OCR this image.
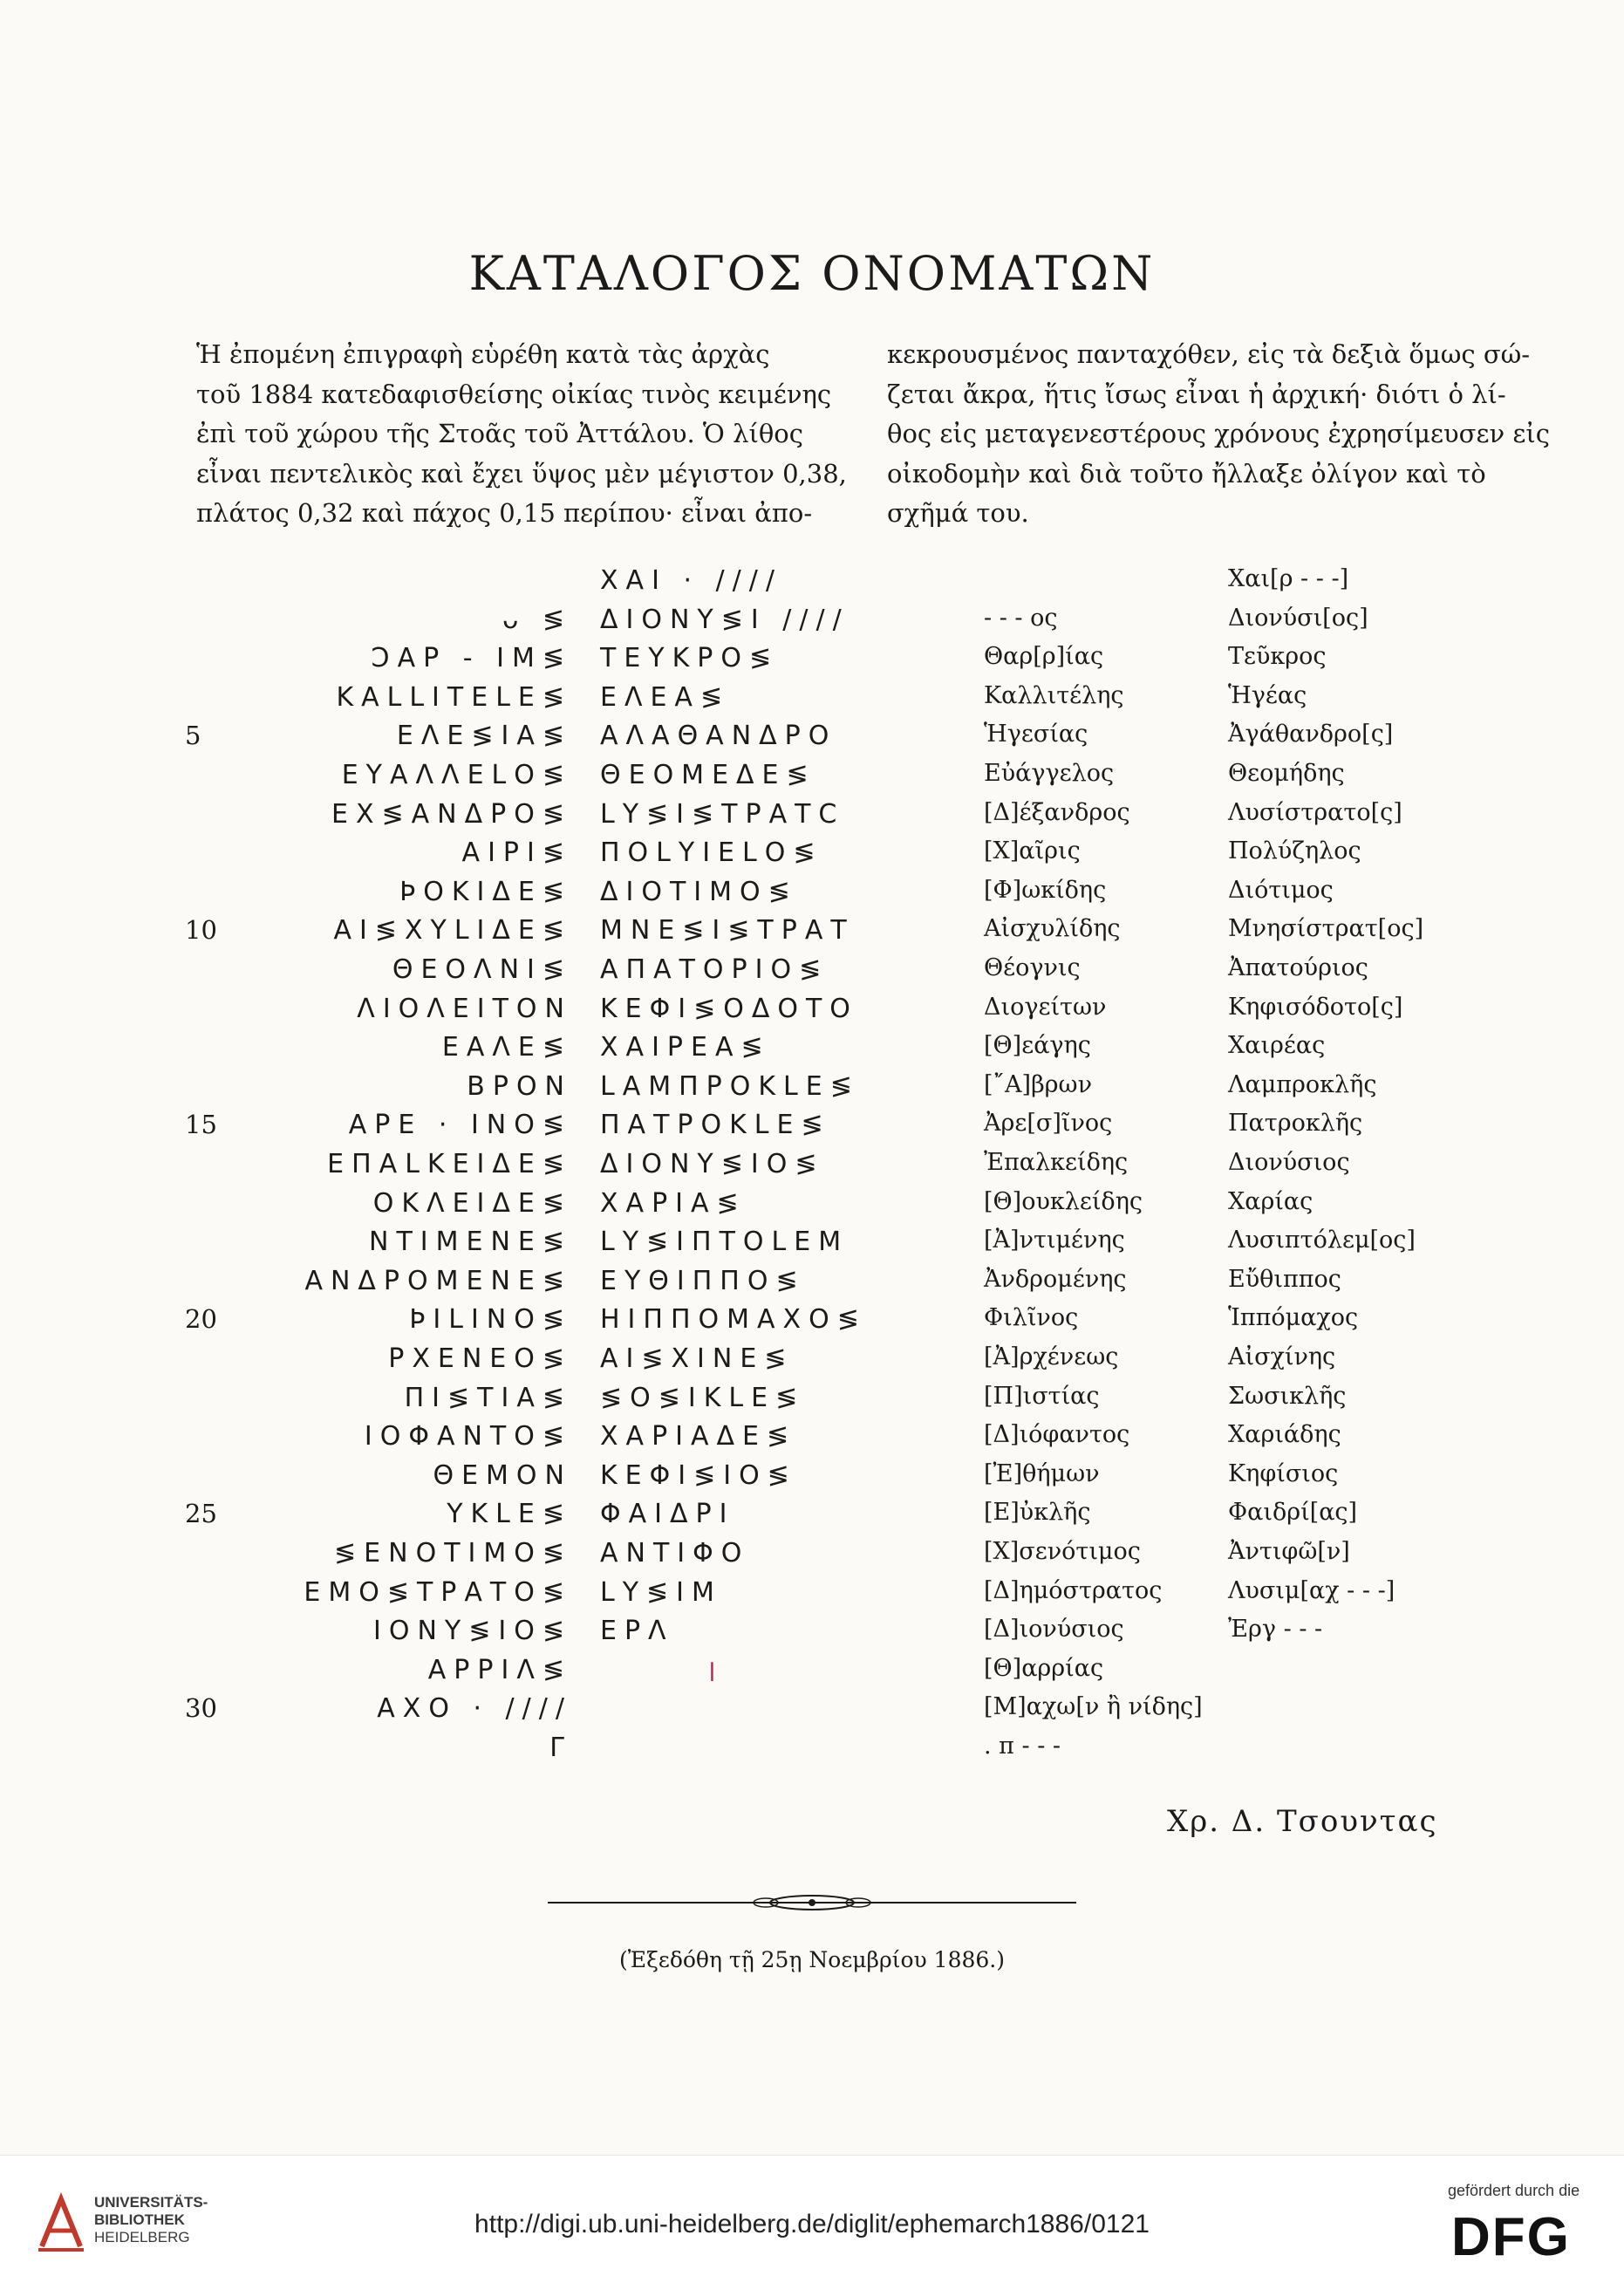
ΚΑΤΑΛΟΓΟΣ ΟΝΟΜΑΤΩΝ

Ἡ ἐπομένη ἐπιγραφὴ εὑρέθη κατὰ τὰς ἀρχὰς

τοῦ 1884 κατεδαφισθείσης οἰκίας τινὸς κειμένης

ἐπὶ τοῦ χώρου τῆς Στοᾶς τοῦ Ἀττάλου. Ὁ λίθος

εἶναι πεντελικὸς καὶ ἔχει ὕψος μὲν μέγιστον 0,38,

πλάτος 0,32 καὶ πάχος 0,15 περίπου· εἶναι ἀπο-

κεκρουσμένος πανταχόθεν, εἰς τὰ δεξιὰ ὅμως σώ-

ζεται ἄκρα, ἥτις ἴσως εἶναι ἡ ἀρχική· διότι ὁ λί-

θος εἰς μεταγενεστέρους χρόνους ἐχρησίμευσεν εἰς

οἰκοδομὴν καὶ διὰ τοῦτο ἤλλαξε ὀλίγον καὶ τὸ

σχῆμά του.

ΧΑΙ · ////	Χαι[ρ - - -]
ᴗ ≶ ΔΙΟΝΥ≶Ι ////	- - - ος	Διονύσι[ος]
ϽΑΡ - ΙΜ≶ ΤΕΥΚΡΟ≶	Θαρ[ρ]ίας	Τεῦκρος
ΚΑLLΙΤΕLΕ≶ ΕΛΕΑ≶	Καλλιτέλης	Ἡγέας
5	ΕΛΕ≶ΙΑ≶ ΑΛΑΘΑΝΔΡΟ	Ἡγεσίας	Ἀγάθανδρο[ς]
ΕΥΑΛΛΕLΟ≶ ΘΕΟΜΕΔΕ≶	Εὐάγγελος	Θεομήδης
ΕΧ≶ΑΝΔΡΟ≶ LΥ≶Ι≶ΤΡΑΤϹ	[Δ]έξανδρος	Λυσίστρατο[ς]
ΑΙΡΙ≶ ΠΟLΥΙΕLΟ≶	[Χ]αῖρις	Πολύζηλος
ÞΟΚΙΔΕ≶ ΔΙΟΤΙΜΟ≶	[Φ]ωκίδης	Διότιμος
10	ΑΙ≶ΧΥLΙΔΕ≶ ΜΝΕ≶Ι≶ΤΡΑΤ	Αἰσχυλίδης	Μνησίστρατ[ος]
ΘΕΟΛΝΙ≶ ΑΠΑΤΟΡΙΟ≶	Θέογνις	Ἀπατούριος
ΛΙΟΛΕΙΤΟΝ ΚΕΦΙ≶ΟΔΟΤΟ	Διογείτων	Κηφισόδοτο[ς]
ΕΑΛΕ≶ ΧΑΙΡΕΑ≶	[Θ]εάγης	Χαιρέας
ΒΡΟΝ LΑΜΠΡΟΚLΕ≶	[῎Α]βρων	Λαμπροκλῆς
15	ΑΡΕ · ΙΝΟ≶ ΠΑΤΡΟΚLΕ≶	Ἀρε[σ]ῖνος	Πατροκλῆς
ΕΠΑLΚΕΙΔΕ≶ ΔΙΟΝΥ≶ΙΟ≶	Ἐπαλκείδης	Διονύσιος
ΟΚΛΕΙΔΕ≶ ΧΑΡΙΑ≶	[Θ]ουκλείδης	Χαρίας
ΝΤΙΜΕΝΕ≶ LΥ≶ΙΠΤΟLΕΜ	[Ἀ]ντιμένης	Λυσιπτόλεμ[ος]
ΑΝΔΡΟΜΕΝΕ≶ ΕΥΘΙΠΠΟ≶	Ἀνδρομένης	Εὔθιππος
20	ÞΙLΙΝΟ≶ ΗΙΠΠΟΜΑΧΟ≶	Φιλῖνος	Ἱππόμαχος
ΡΧΕΝΕΟ≶ ΑΙ≶ΧΙΝΕ≶	[Ἀ]ρχένεως	Αἰσχίνης
ΠΙ≶ΤΙΑ≶ ≶Ο≶ΙΚLΕ≶	[Π]ιστίας	Σωσικλῆς
ΙΟΦΑΝΤΟ≶ ΧΑΡΙΑΔΕ≶	[Δ]ιόφαντος	Χαριάδης
ΘΕΜΟΝ ΚΕΦΙ≶ΙΟ≶	[Ἐ]θήμων	Κηφίσιος
25	ΥΚLΕ≶ ΦΑΙΔΡΙ	[Ε]ὐκλῆς	Φαιδρί[ας]
≶ΕΝΟΤΙΜΟ≶ ΑΝΤΙΦΟ	[Χ]σενότιμος	Ἀντιφῶ[ν]
ΕΜΟ≶ΤΡΑΤΟ≶ LΥ≶ΙΜ	[Δ]ημόστρατος	Λυσιμ[αχ - - -]
ΙΟΝΥ≶ΙΟ≶ ΕΡΛ	[Δ]ιονύσιος	Ἐργ - - -
ΑΡΡΙΛ≶	[Θ]αρρίας
30	ΑΧΟ · ////	[Μ]αχω[ν ἢ νίδης]
Γ	. π - - -
Χρ. Δ. Τσουντας
(Ἐξεδόθη τῇ 25ῃ Νοεμβρίου 1886.)
ǀ
UNIVERSITÄTS-
BIBLIOTHEK
HEIDELBERG	http://digi.ub.uni-heidelberg.de/diglit/ephemarch1886/0121
gefördert durch die
DFG
